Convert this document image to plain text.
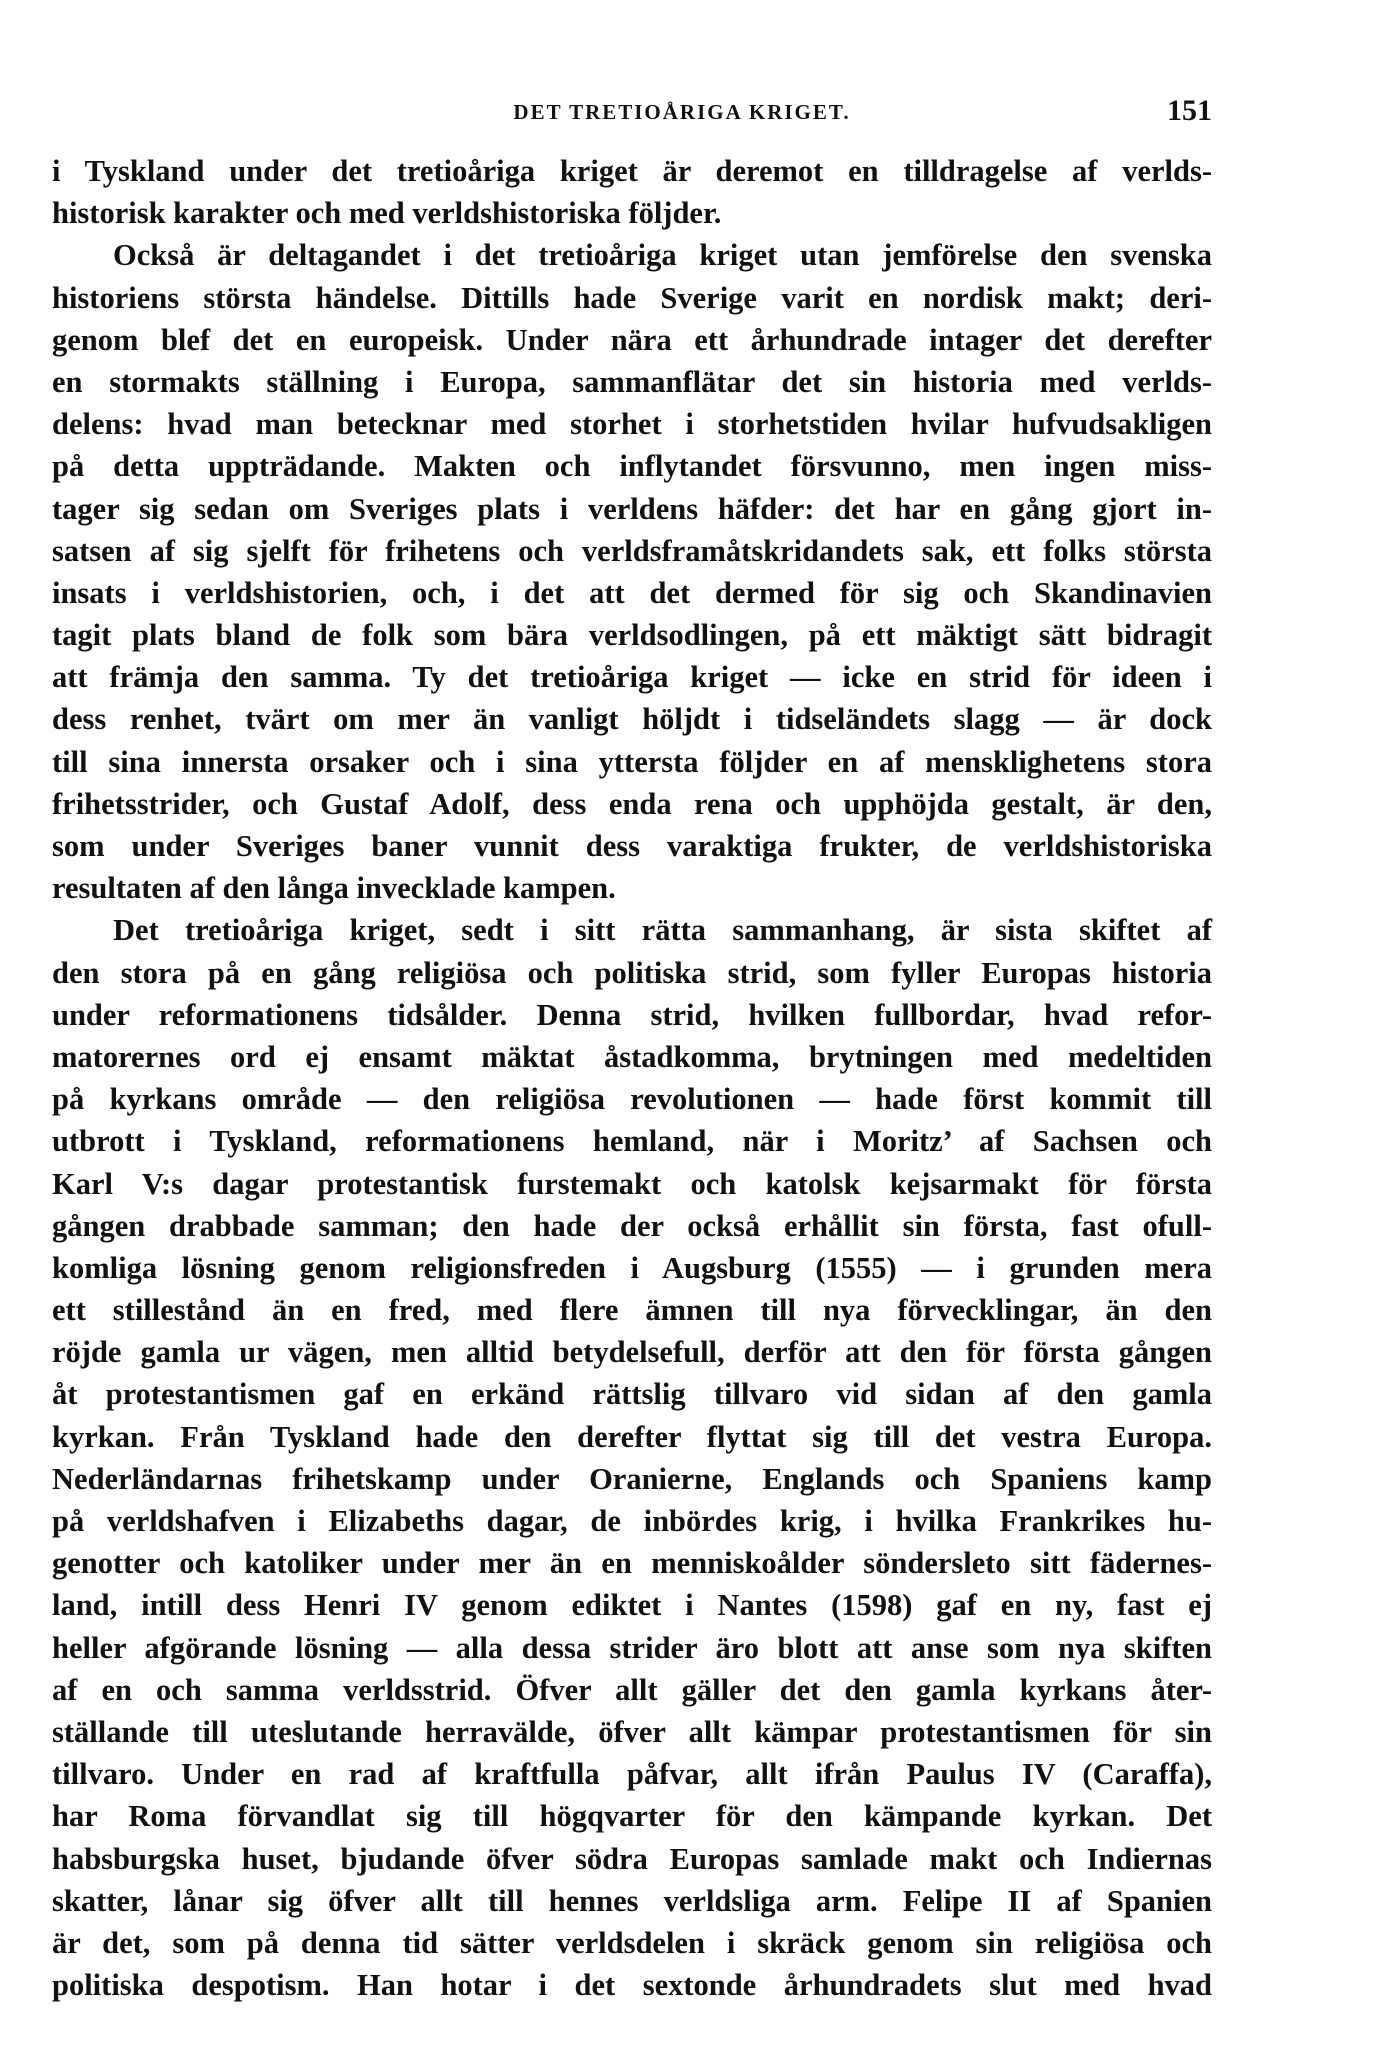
DET TRETIOÅRIGA KRIGET.	151
i Tyskland under det tretioåriga kriget är deremot en tilldragelse af verlds-
historisk karakter och med verldshistoriska följder.
Också är deltagandet i det tretioåriga kriget utan jemförelse den svenska
historiens största händelse. Dittills hade Sverige varit en nordisk makt; deri-
genom blef det en europeisk. Under nära ett århundrade intager det derefter
en stormakts ställning i Europa, sammanflätar det sin historia med verlds-
delens: hvad man betecknar med storhet i storhetstiden hvilar hufvudsakligen
på detta uppträdande. Makten och inflytandet försvunno, men ingen miss-
tager sig sedan om Sveriges plats i verldens häfder: det har en gång gjort in-
satsen af sig sjelft för frihetens och verldsframåtskridandets sak, ett folks största
insats i verldshistorien, och, i det att det dermed för sig och Skandinavien
tagit plats bland de folk som bära verldsodlingen, på ett mäktigt sätt bidragit
att främja den samma. Ty det tretioåriga kriget — icke en strid för ideen i
dess renhet, tvärt om mer än vanligt höljdt i tidseländets slagg — är dock
till sina innersta orsaker och i sina yttersta följder en af mensklighetens stora
frihetsstrider, och Gustaf Adolf, dess enda rena och upphöjda gestalt, är den,
som under Sveriges baner vunnit dess varaktiga frukter, de verldshistoriska
resultaten af den långa invecklade kampen.
Det tretioåriga kriget, sedt i sitt rätta sammanhang, är sista skiftet af
den stora på en gång religiösa och politiska strid, som fyller Europas historia
under reformationens tidsålder. Denna strid, hvilken fullbordar, hvad refor-
matorernes ord ej ensamt mäktat åstadkomma, brytningen med medeltiden
på kyrkans område — den religiösa revolutionen — hade först kommit till
utbrott i Tyskland, reformationens hemland, när i Moritz’ af Sachsen och
Karl V:s dagar protestantisk furstemakt och katolsk kejsarmakt för första
gången drabbade samman; den hade der också erhållit sin första, fast ofull-
komliga lösning genom religionsfreden i Augsburg (1555) — i grunden mera
ett stillestånd än en fred, med flere ämnen till nya förvecklingar, än den
röjde gamla ur vägen, men alltid betydelsefull, derför att den för första gången
åt protestantismen gaf en erkänd rättslig tillvaro vid sidan af den gamla
kyrkan. Från Tyskland hade den derefter flyttat sig till det vestra Europa.
Nederländarnas frihetskamp under Oranierne, Englands och Spaniens kamp
på verldshafven i Elizabeths dagar, de inbördes krig, i hvilka Frankrikes hu-
genotter och katoliker under mer än en menniskoålder söndersleto sitt fädernes-
land, intill dess Henri IV genom ediktet i Nantes (1598) gaf en ny, fast ej
heller afgörande lösning — alla dessa strider äro blott att anse som nya skiften
af en och samma verldsstrid. Öfver allt gäller det den gamla kyrkans åter-
ställande till uteslutande herravälde, öfver allt kämpar protestantismen för sin
tillvaro. Under en rad af kraftfulla påfvar, allt ifrån Paulus IV (Caraffa),
har Roma förvandlat sig till högqvarter för den kämpande kyrkan. Det
habsburgska huset, bjudande öfver södra Europas samlade makt och Indiernas
skatter, lånar sig öfver allt till hennes verldsliga arm. Felipe II af Spanien
är det, som på denna tid sätter verldsdelen i skräck genom sin religiösa och
politiska despotism. Han hotar i det sextonde århundradets slut med hvad
